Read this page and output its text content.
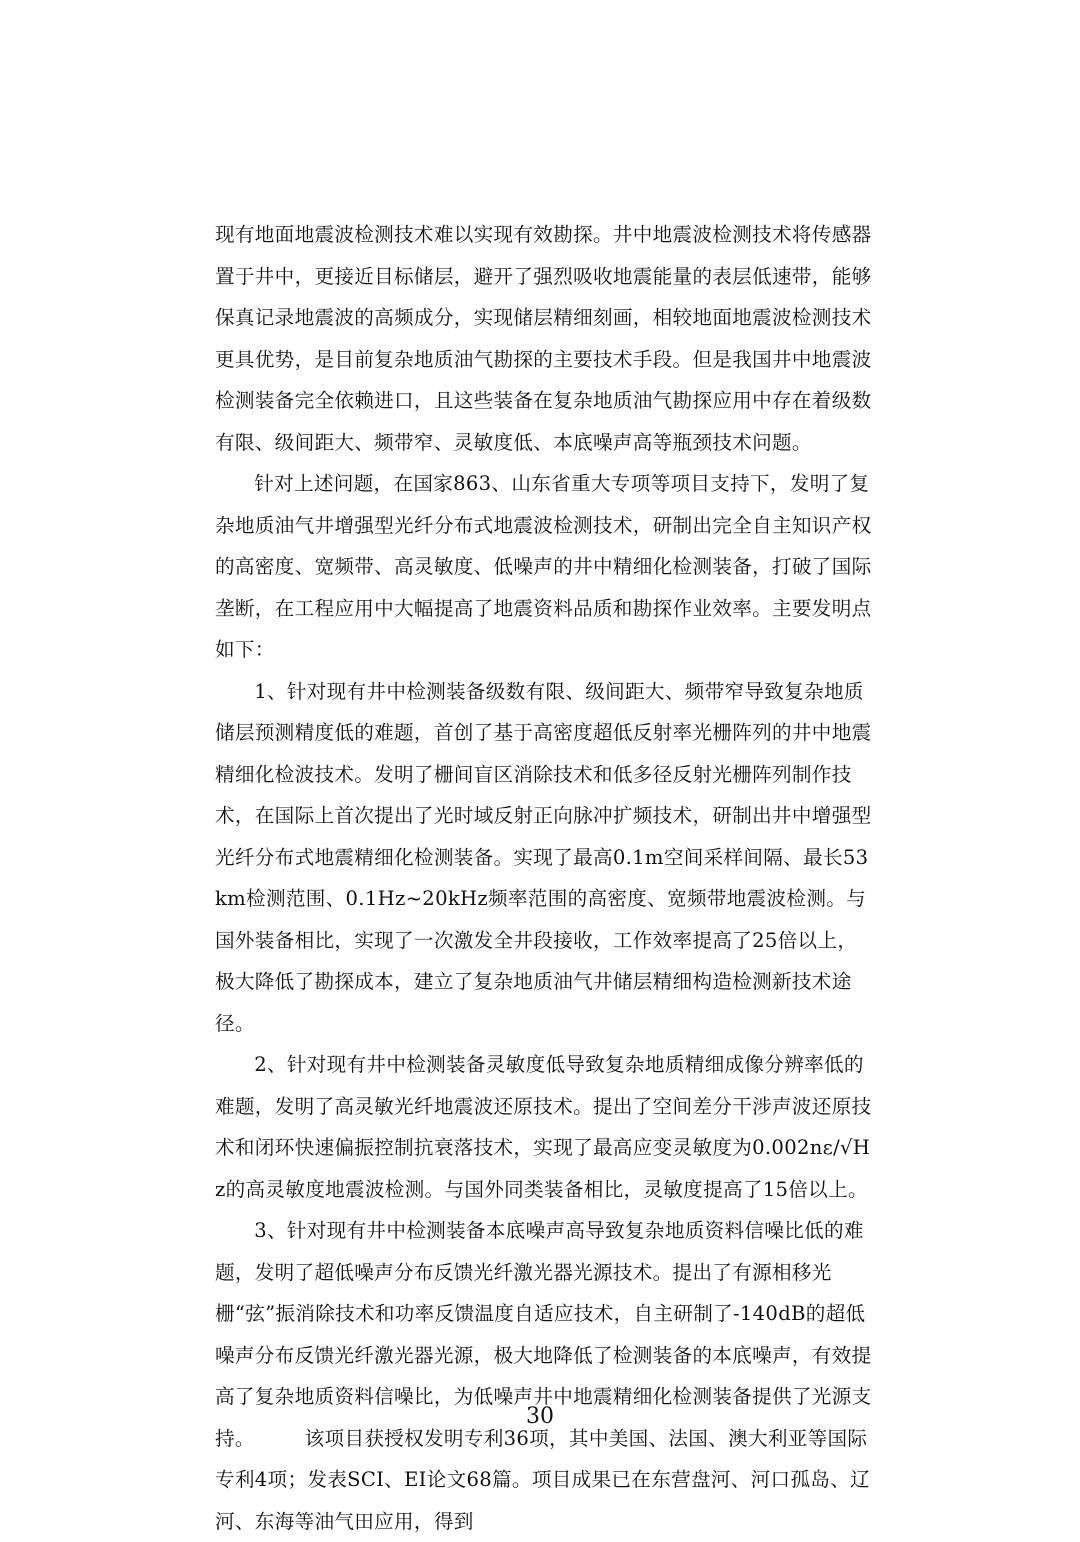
现有地面地震波检测技术难以实现有效勘探。井中地震波检测技术将传感器置于井中，更接近目标储层，避开了强烈吸收地震能量的表层低速带，能够保真记录地震波的高频成分，实现储层精细刻画，相较地面地震波检测技术更具优势，是目前复杂地质油气勘探的主要技术手段。但是我国井中地震波检测装备完全依赖进口，且这些装备在复杂地质油气勘探应用中存在着级数有限、级间距大、频带窄、灵敏度低、本底噪声高等瓶颈技术问题。

针对上述问题，在国家863、山东省重大专项等项目支持下，发明了复杂地质油气井增强型光纤分布式地震波检测技术，研制出完全自主知识产权的高密度、宽频带、高灵敏度、低噪声的井中精细化检测装备，打破了国际垄断，在工程应用中大幅提高了地震资料品质和勘探作业效率。主要发明点如下：

1、针对现有井中检测装备级数有限、级间距大、频带窄导致复杂地质储层预测精度低的难题，首创了基于高密度超低反射率光栅阵列的井中地震精细化检波技术。发明了栅间盲区消除技术和低多径反射光栅阵列制作技术，在国际上首次提出了光时域反射正向脉冲扩频技术，研制出井中增强型光纤分布式地震精细化检测装备。实现了最高0.1m空间采样间隔、最长53km检测范围、0.1Hz~20kHz频率范围的高密度、宽频带地震波检测。与国外装备相比，实现了一次激发全井段接收，工作效率提高了25倍以上，极大降低了勘探成本，建立了复杂地质油气井储层精细构造检测新技术途径。

2、针对现有井中检测装备灵敏度低导致复杂地质精细成像分辨率低的难题，发明了高灵敏光纤地震波还原技术。提出了空间差分干涉声波还原技术和闭环快速偏振控制抗衰落技术，实现了最高应变灵敏度为0.002nε/√Hz的高灵敏度地震波检测。与国外同类装备相比，灵敏度提高了15倍以上。

3、针对现有井中检测装备本底噪声高导致复杂地质资料信噪比低的难题，发明了超低噪声分布反馈光纤激光器光源技术。提出了有源相移光栅“弦”振消除技术和功率反馈温度自适应技术，自主研制了-140dB的超低噪声分布反馈光纤激光器光源，极大地降低了检测装备的本底噪声，有效提高了复杂地质资料信噪比，为低噪声井中地震精细化检测装备提供了光源支持。　　　该项目获授权发明专利36项，其中美国、法国、澳大利亚等国际专利4项；发表SCI、EI论文68篇。项目成果已在东营盘河、河口孤岛、辽河、东海等油气田应用，得到

30
